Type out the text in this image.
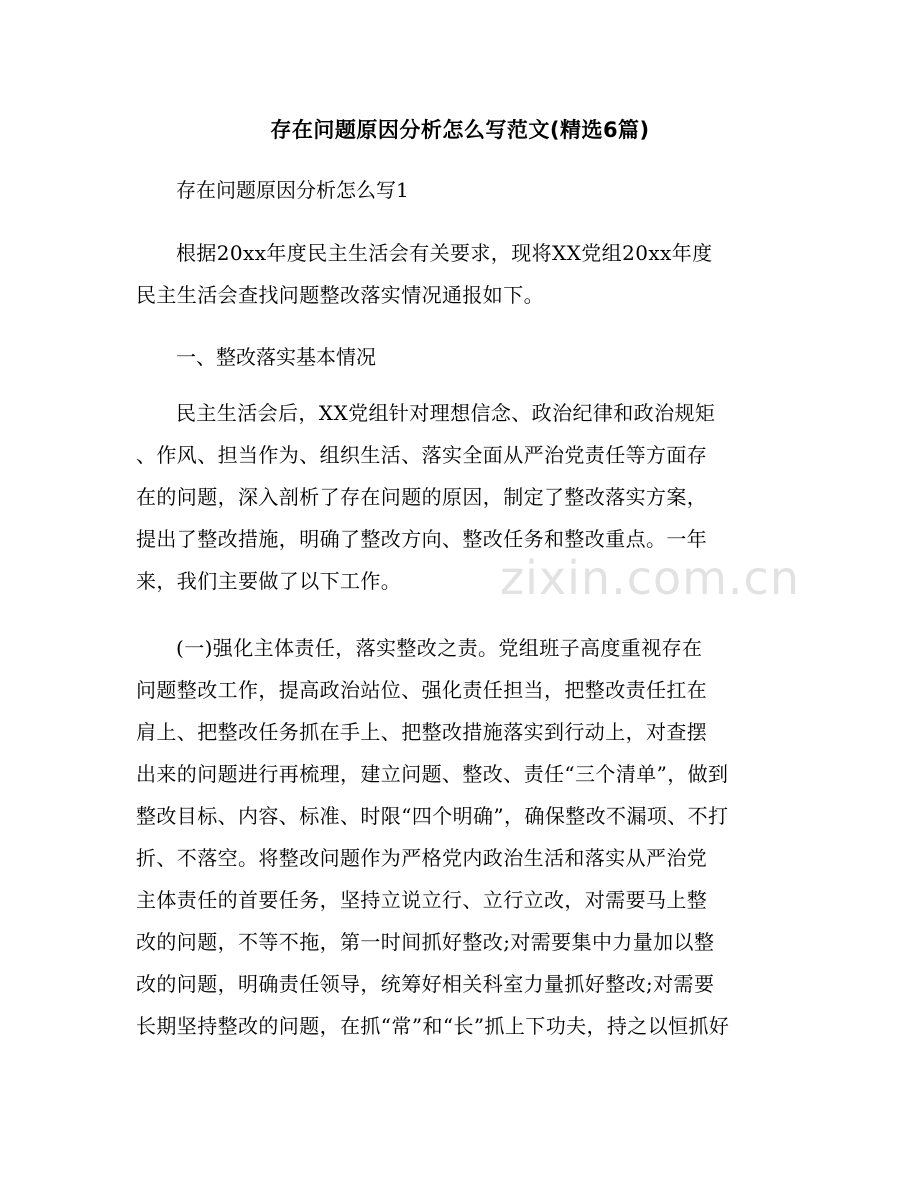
存在问题原因分析怎么写范文(精选6篇)
存在问题原因分析怎么写1
根据20xx年度民主生活会有关要求，现将XX党组20xx年度
民主生活会查找问题整改落实情况通报如下。
一、整改落实基本情况
民主生活会后，XX党组针对理想信念、政治纪律和政治规矩
、作风、担当作为、组织生活、落实全面从严治党责任等方面存
在的问题，深入剖析了存在问题的原因，制定了整改落实方案，
提出了整改措施，明确了整改方向、整改任务和整改重点。一年
来，我们主要做了以下工作。
(一)强化主体责任，落实整改之责。党组班子高度重视存在
问题整改工作，提高政治站位、强化责任担当，把整改责任扛在
肩上、把整改任务抓在手上、把整改措施落实到行动上，对查摆
出来的问题进行再梳理，建立问题、整改、责任“三个清单”，做到
整改目标、内容、标准、时限“四个明确”，确保整改不漏项、不打
折、不落空。将整改问题作为严格党内政治生活和落实从严治党
主体责任的首要任务，坚持立说立行、立行立改，对需要马上整
改的问题，不等不拖，第一时间抓好整改;对需要集中力量加以整
改的问题，明确责任领导，统筹好相关科室力量抓好整改;对需要
长期坚持整改的问题，在抓“常”和“长”抓上下功夫，持之以恒抓好
zixin.com.cn
